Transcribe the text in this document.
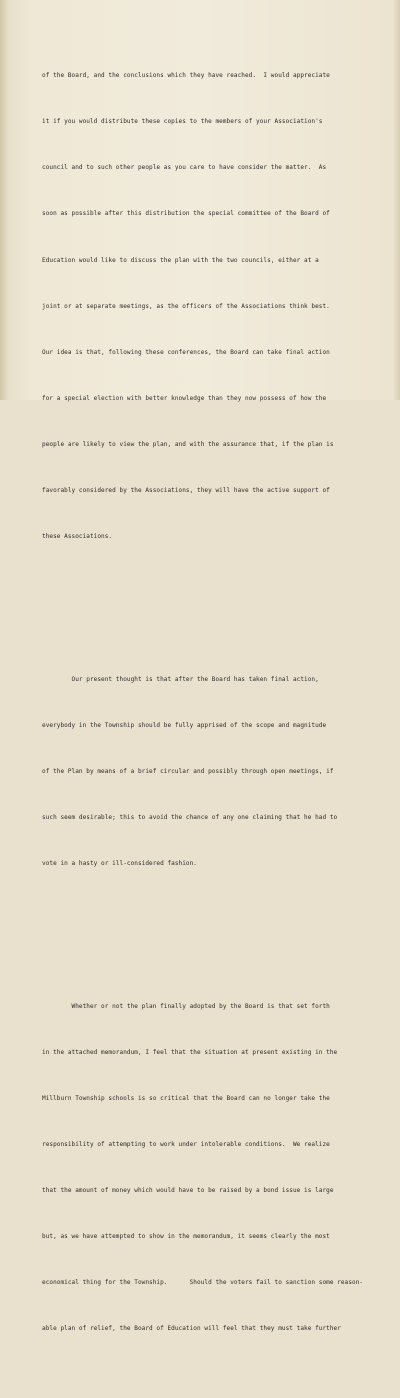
of the Board, and the conclusions which they have reached.  I would appreciate

it if you would distribute these copies to the members of your Association's

council and to such other people as you care to have consider the matter.  As

soon as possible after this distribution the special committee of the Board of

Education would like to discuss the plan with the two councils, either at a

joint or at separate meetings, as the officers of the Associations think best.

Our idea is that, following these conferences, the Board can take final action

for a special election with better knowledge than they now possess of how the

people are likely to view the plan, and with the assurance that, if the plan is

favorably considered by the Associations, they will have the active support of

these Associations.

Our present thought is that after the Board has taken final action,

everybody in the Township should be fully apprised of the scope and magnitude

of the Plan by means of a brief circular and possibly through open meetings, if

such seem desirable; this to avoid the chance of any one claiming that he had to

vote in a hasty or ill-considered fashion.

Whether or not the plan finally adopted by the Board is that set forth

in the attached memorandum, I feel that the situation at present existing in the

Millburn Township schools is so critical that the Board can no longer take the

responsibility of attempting to work under intolerable conditions.  We realize

that the amount of money which would have to be raised by a bond issue is large

but, as we have attempted to show in the memorandum, it seems clearly the most

economical thing for the Township.      Should the voters fail to sanction some reason-

able plan of relief, the Board of Education will feel that they must take further
